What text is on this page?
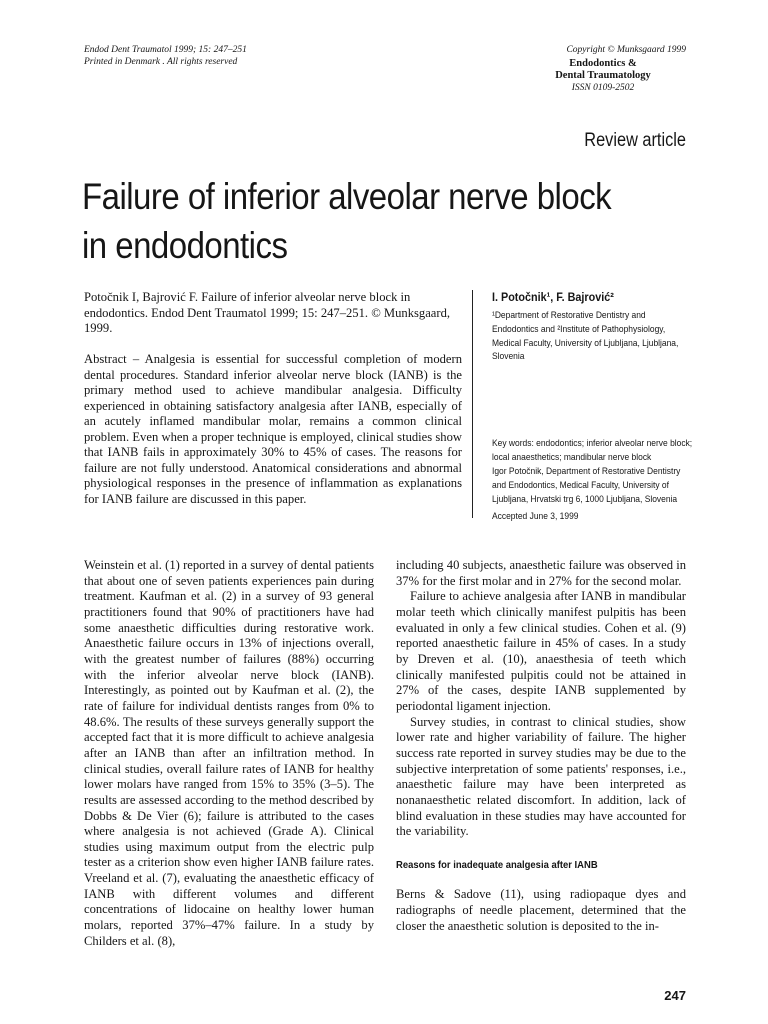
Endod Dent Traumatol 1999; 15: 247–251
Printed in Denmark . All rights reserved
Copyright © Munksgaard 1999
Endodontics &
Dental Traumatology
ISSN 0109-2502
Review article
Failure of inferior alveolar nerve block in endodontics
Potočnik I, Bajrović F. Failure of inferior alveolar nerve block in endodontics. Endod Dent Traumatol 1999; 15: 247–251. © Munksgaard, 1999.
Abstract – Analgesia is essential for successful completion of modern dental procedures. Standard inferior alveolar nerve block (IANB) is the primary method used to achieve mandibular analgesia. Difficulty experienced in obtaining satisfactory analgesia after IANB, especially of an acutely inflamed mandibular molar, remains a common clinical problem. Even when a proper technique is employed, clinical studies show that IANB fails in approximately 30% to 45% of cases. The reasons for failure are not fully understood. Anatomical considerations and abnormal physiological responses in the presence of inflammation as explanations for IANB failure are discussed in this paper.
I. Potočnik¹, F. Bajrović²
¹Department of Restorative Dentistry and Endodontics and ²Institute of Pathophysiology, Medical Faculty, University of Ljubljana, Ljubljana, Slovenia
Key words: endodontics; inferior alveolar nerve block; local anaesthetics; mandibular nerve block
Igor Potočnik, Department of Restorative Dentistry and Endodontics, Medical Faculty, University of Ljubljana, Hrvatski trg 6, 1000 Ljubljana, Slovenia
Accepted June 3, 1999

Weinstein et al. (1) reported in a survey of dental patients that about one of seven patients experiences pain during treatment. Kaufman et al. (2) in a survey of 93 general practitioners found that 90% of practitioners have had some anaesthetic difficulties during restorative work. Anaesthetic failure occurs in 13% of injections overall, with the greatest number of failures (88%) occurring with the inferior alveolar nerve block (IANB). Interestingly, as pointed out by Kaufman et al. (2), the rate of failure for individual dentists ranges from 0% to 48.6%. The results of these surveys generally support the accepted fact that it is more difficult to achieve analgesia after an IANB than after an infiltration method. In clinical studies, overall failure rates of IANB for healthy lower molars have ranged from 15% to 35% (3–5). The results are assessed according to the method described by Dobbs & De Vier (6); failure is attributed to the cases where analgesia is not achieved (Grade A). Clinical studies using maximum output from the electric pulp tester as a criterion show even higher IANB failure rates. Vreeland et al. (7), evaluating the anaesthetic efficacy of IANB with different volumes and different concentrations of lidocaine on healthy lower human molars, reported 37%–47% failure. In a study by Childers et al. (8),

including 40 subjects, anaesthetic failure was observed in 37% for the first molar and in 27% for the second molar.

Failure to achieve analgesia after IANB in mandibular molar teeth which clinically manifest pulpitis has been evaluated in only a few clinical studies. Cohen et al. (9) reported anaesthetic failure in 45% of cases. In a study by Dreven et al. (10), anaesthesia of teeth which clinically manifested pulpitis could not be attained in 27% of the cases, despite IANB supplemented by periodontal ligament injection.

Survey studies, in contrast to clinical studies, show lower rate and higher variability of failure. The higher success rate reported in survey studies may be due to the subjective interpretation of some patients' responses, i.e., anaesthetic failure may have been interpreted as nonanaesthetic related discomfort. In addition, lack of blind evaluation in these studies may have accounted for the variability.

Reasons for inadequate analgesia after IANB

Berns & Sadove (11), using radiopaque dyes and radiographs of needle placement, determined that the closer the anaesthetic solution is deposited to the in-

247
